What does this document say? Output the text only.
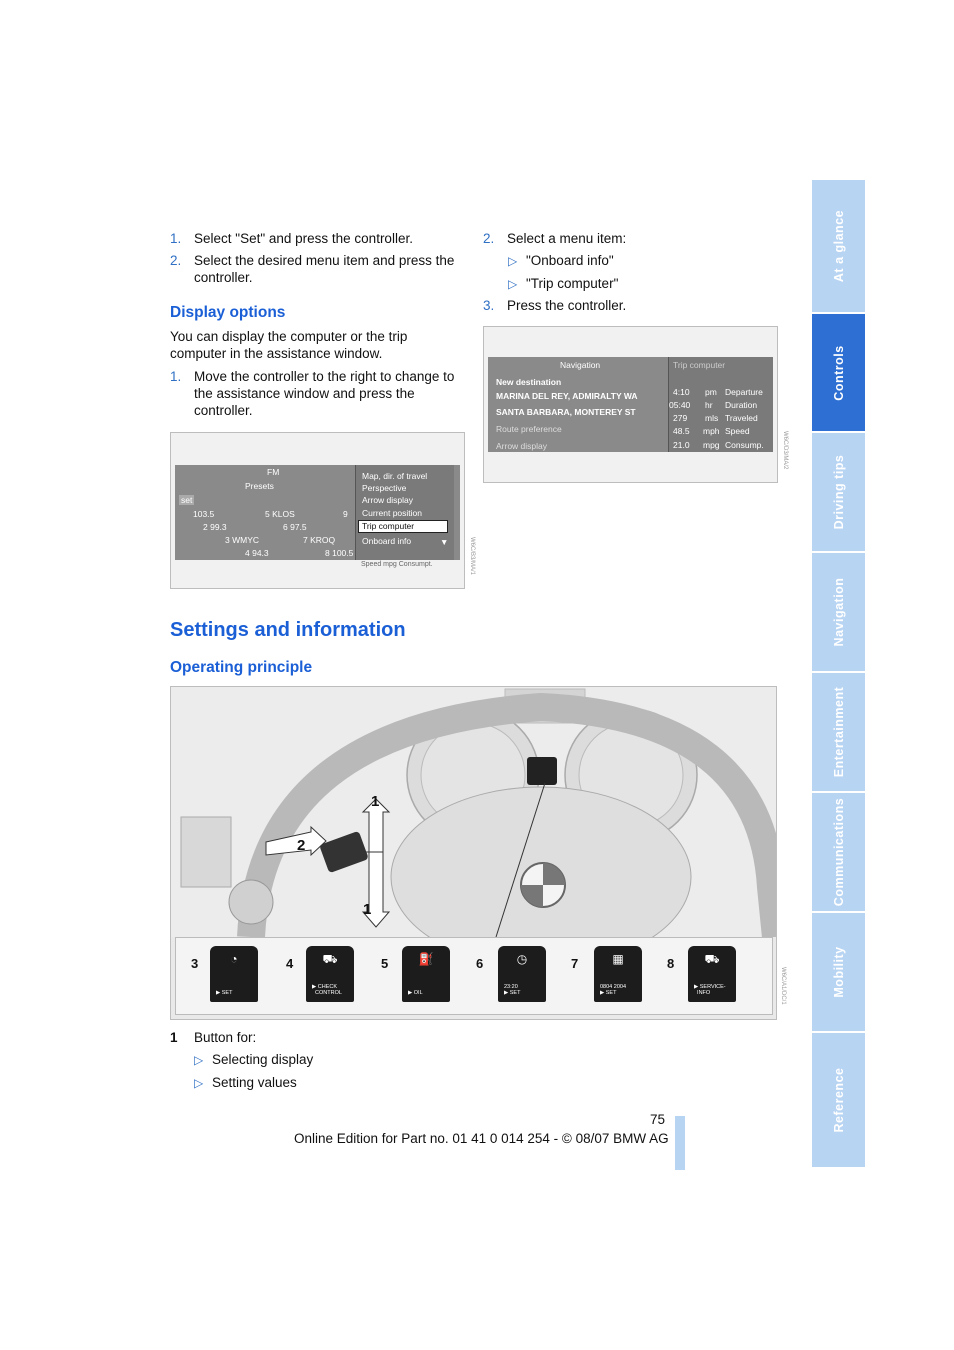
1. Select "Set" and press the controller.
2. Select the desired menu item and press the controller.
Display options
You can display the computer or the trip computer in the assistance window.
1. Move the controller to the right to change to the assistance window and press the controller.
2. Select a menu item:
▷ "Onboard info"
▷ "Trip computer"
3. Press the controller.
FM
Presets
set
103.5	5 KLOS	9
2 99.3	6 97.5
3 WMYC	7 KROQ
4 94.3	8 100.5
Map, dir. of travel
Perspective
Arrow display
Current position
Trip computer
Onboard info	▼
Speed mpg Consumpt.	W6C/B3/MA/1
Navigation
New destination
MARINA DEL REY, ADMIRALTY WA
SANTA BARBARA, MONTEREY ST
Route preference
Arrow display
Trip computer
4:10 pm Departure
05:40 hr Duration
279 mls Traveled
48.5 mph Speed
21.0 mpg Consump.	W6C/D3/MA/2
Settings and information
Operating principle
1
2
1
3	◔
▶ SET
4 ⛟
▶ CHECK
CONTROL
5	⛽
▶ OIL
6	◷
23:20
▶ SET
7	▦
0804 2004
▶ SET
8	⛟
▶ SERVICE-
INFO	W6C/A1/DC/1
1 Button for:
▷ Selecting display
▷ Setting values
75
Online Edition for Part no. 01 41 0 014 254 - © 08/07 BMW AG
At a glance
Controls
Driving tips
Navigation
Entertainment
Communications
Mobility
Reference
